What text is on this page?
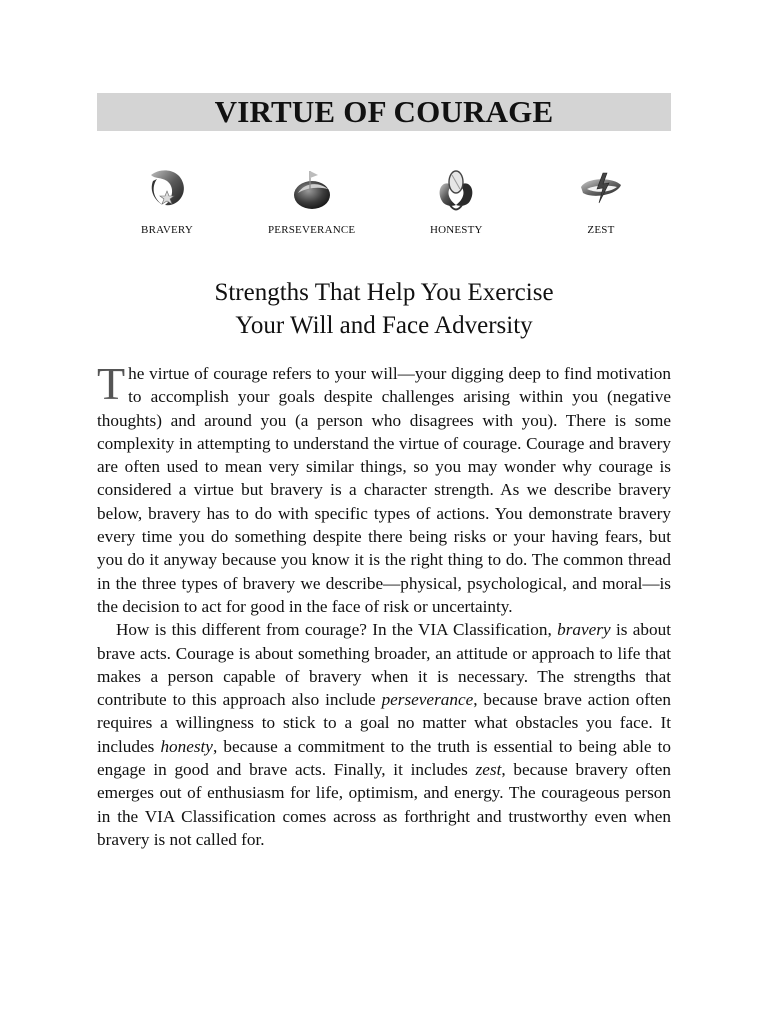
VIRTUE OF COURAGE
BRAVERY	PERSEVERANCE	HONESTY	ZEST
Strengths That Help You Exercise
Your Will and Face Adversity

The virtue of courage refers to your will—your digging deep to find motivation to accomplish your goals despite challenges arising within you (negative thoughts) and around you (a person who disagrees with you). There is some complexity in attempting to understand the virtue of courage. Courage and bravery are often used to mean very similar things, so you may wonder why courage is considered a virtue but bravery is a character strength. As we describe bravery below, bravery has to do with specific types of actions. You demonstrate bravery every time you do something despite there being risks or your having fears, but you do it anyway because you know it is the right thing to do. The common thread in the three types of bravery we describe—physical, psychological, and moral—is the decision to act for good in the face of risk or uncertainty.

How is this different from courage? In the VIA Classification, bravery is about brave acts. Courage is about something broader, an attitude or approach to life that makes a person capable of bravery when it is necessary. The strengths that contribute to this approach also include perseverance, because brave action often requires a willingness to stick to a goal no matter what obstacles you face. It includes honesty, because a commitment to the truth is essential to being able to engage in good and brave acts. Finally, it includes zest, because bravery often emerges out of enthusiasm for life, optimism, and energy. The courageous person in the VIA Classification comes across as forthright and trustworthy even when bravery is not called for.
